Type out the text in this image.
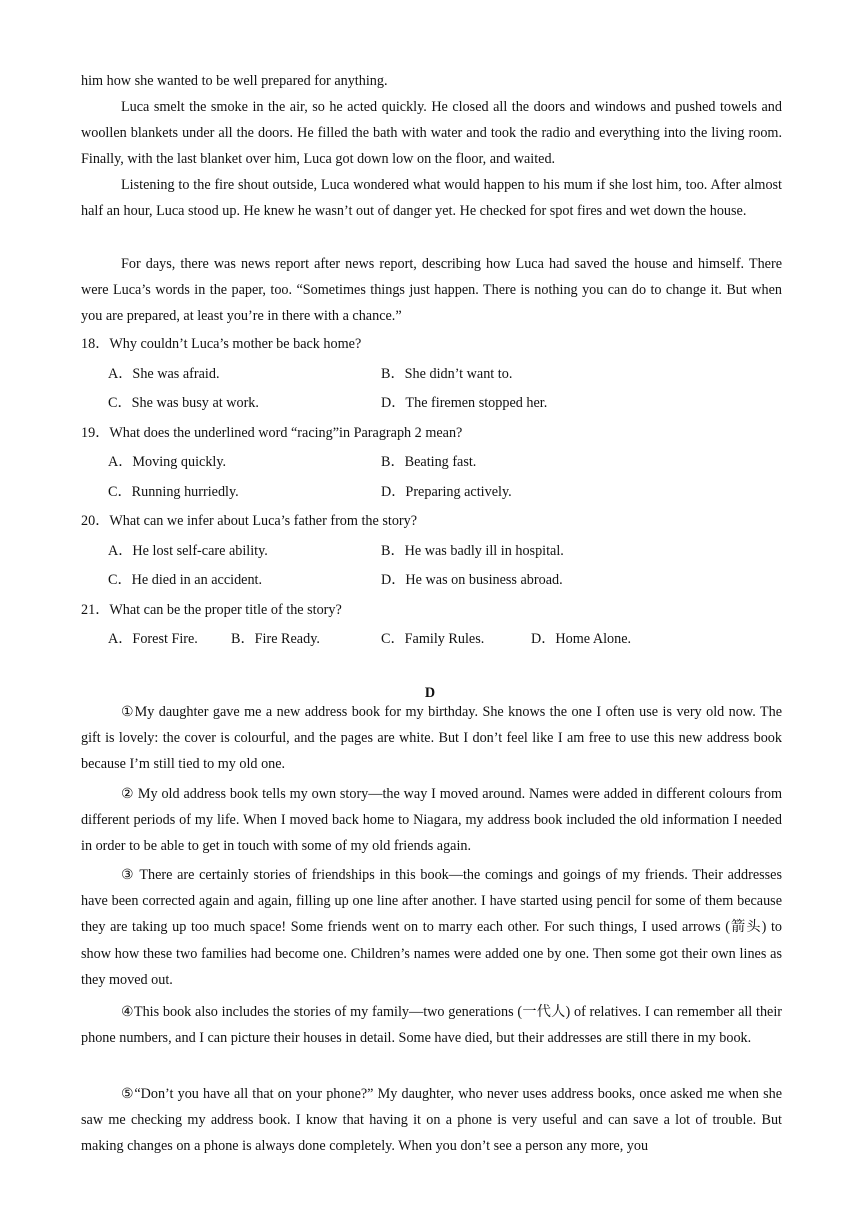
him how she wanted to be well prepared for anything.

Luca smelt the smoke in the air, so he acted quickly. He closed all the doors and windows and pushed towels and woollen blankets under all the doors. He filled the bath with water and took the radio and everything into the living room. Finally, with the last blanket over him, Luca got down low on the floor, and waited.

Listening to the fire shout outside, Luca wondered what would happen to his mum if she lost him, too. After almost half an hour, Luca stood up. He knew he wasn’t out of danger yet. He checked for spot fires and wet down the house.

For days, there was news report after news report, describing how Luca had saved the house and himself. There were Luca’s words in the paper, too. “Sometimes things just happen. There is nothing you can do to change it. But when you are prepared, at least you’re in there with a chance.”

18．Why couldn’t Luca’s mother be back home?
A．She was afraid.	B．She didn’t want to.
C．She was busy at work.	D．The firemen stopped her.
19．What does the underlined word “racing”in Paragraph 2 mean?
A．Moving quickly.	B．Beating fast.
C．Running hurriedly.	D．Preparing actively.
20．What can we infer about Luca’s father from the story?
A．He lost self-care ability.	B．He was badly ill in hospital.
C．He died in an accident.	D．He was on business abroad.
21．What can be the proper title of the story?
A．Forest Fire. B．Fire Ready.	C．Family Rules.	D．Home Alone.
D

①My daughter gave me a new address book for my birthday. She knows the one I often use is very old now. The gift is lovely: the cover is colourful, and the pages are white. But I don’t feel like I am free to use this new address book because I’m still tied to my old one.

② My old address book tells my own story—the way I moved around. Names were added in different colours from different periods of my life. When I moved back home to Niagara, my address book included the old information I needed in order to be able to get in touch with some of my old friends again.

③ There are certainly stories of friendships in this book—the comings and goings of my friends. Their addresses have been corrected again and again, filling up one line after another. I have started using pencil for some of them because they are taking up too much space! Some friends went on to marry each other. For such things, I used arrows (箭头) to show how these two families had become one. Children’s names were added one by one. Then some got their own lines as they moved out.

④This book also includes the stories of my family—two generations (一代人) of relatives. I can remember all their phone numbers, and I can picture their houses in detail. Some have died, but their addresses are still there in my book.

⑤“Don’t you have all that on your phone?” My daughter, who never uses address books, once asked me when she saw me checking my address book. I know that having it on a phone is very useful and can save a lot of trouble. But making changes on a phone is always done completely. When you don’t see a person any more, you
